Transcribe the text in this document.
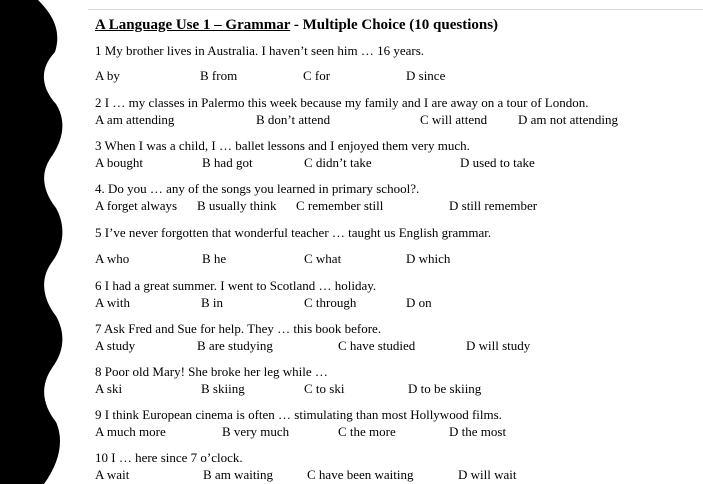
A Language Use 1 – Grammar - Multiple Choice (10 questions)
1 My brother lives in Australia. I haven’t seen him … 16 years.
A by	B from	C for	D since
2 I … my classes in Palermo this week because my family and I are away on a tour of London.
A am attending	B don’t attend	C will attend D am not attending
3 When I was a child, I … ballet lessons and I enjoyed them very much.
A bought	B had got	C didn’t take	D used to take
4. Do you … any of the songs you learned in primary school?.
A forget always B usually think C remember still	D still remember
5 I’ve never forgotten that wonderful teacher … taught us English grammar.
A who	B he	C what	D which
6 I had a great summer. I went to Scotland … holiday.
A with	B in	C through	D on
7 Ask Fred and Sue for help. They … this book before.
A study	B are studying	C have studied	D will study
8 Poor old Mary! She broke her leg while …
A ski	B skiing	C to ski	D to be skiing
9 I think European cinema is often … stimulating than most Hollywood films.
A much more	B very much	C the more	D the most
10 I … here since 7 o’clock.
A wait	B am waiting	C have been waiting	D will wait
